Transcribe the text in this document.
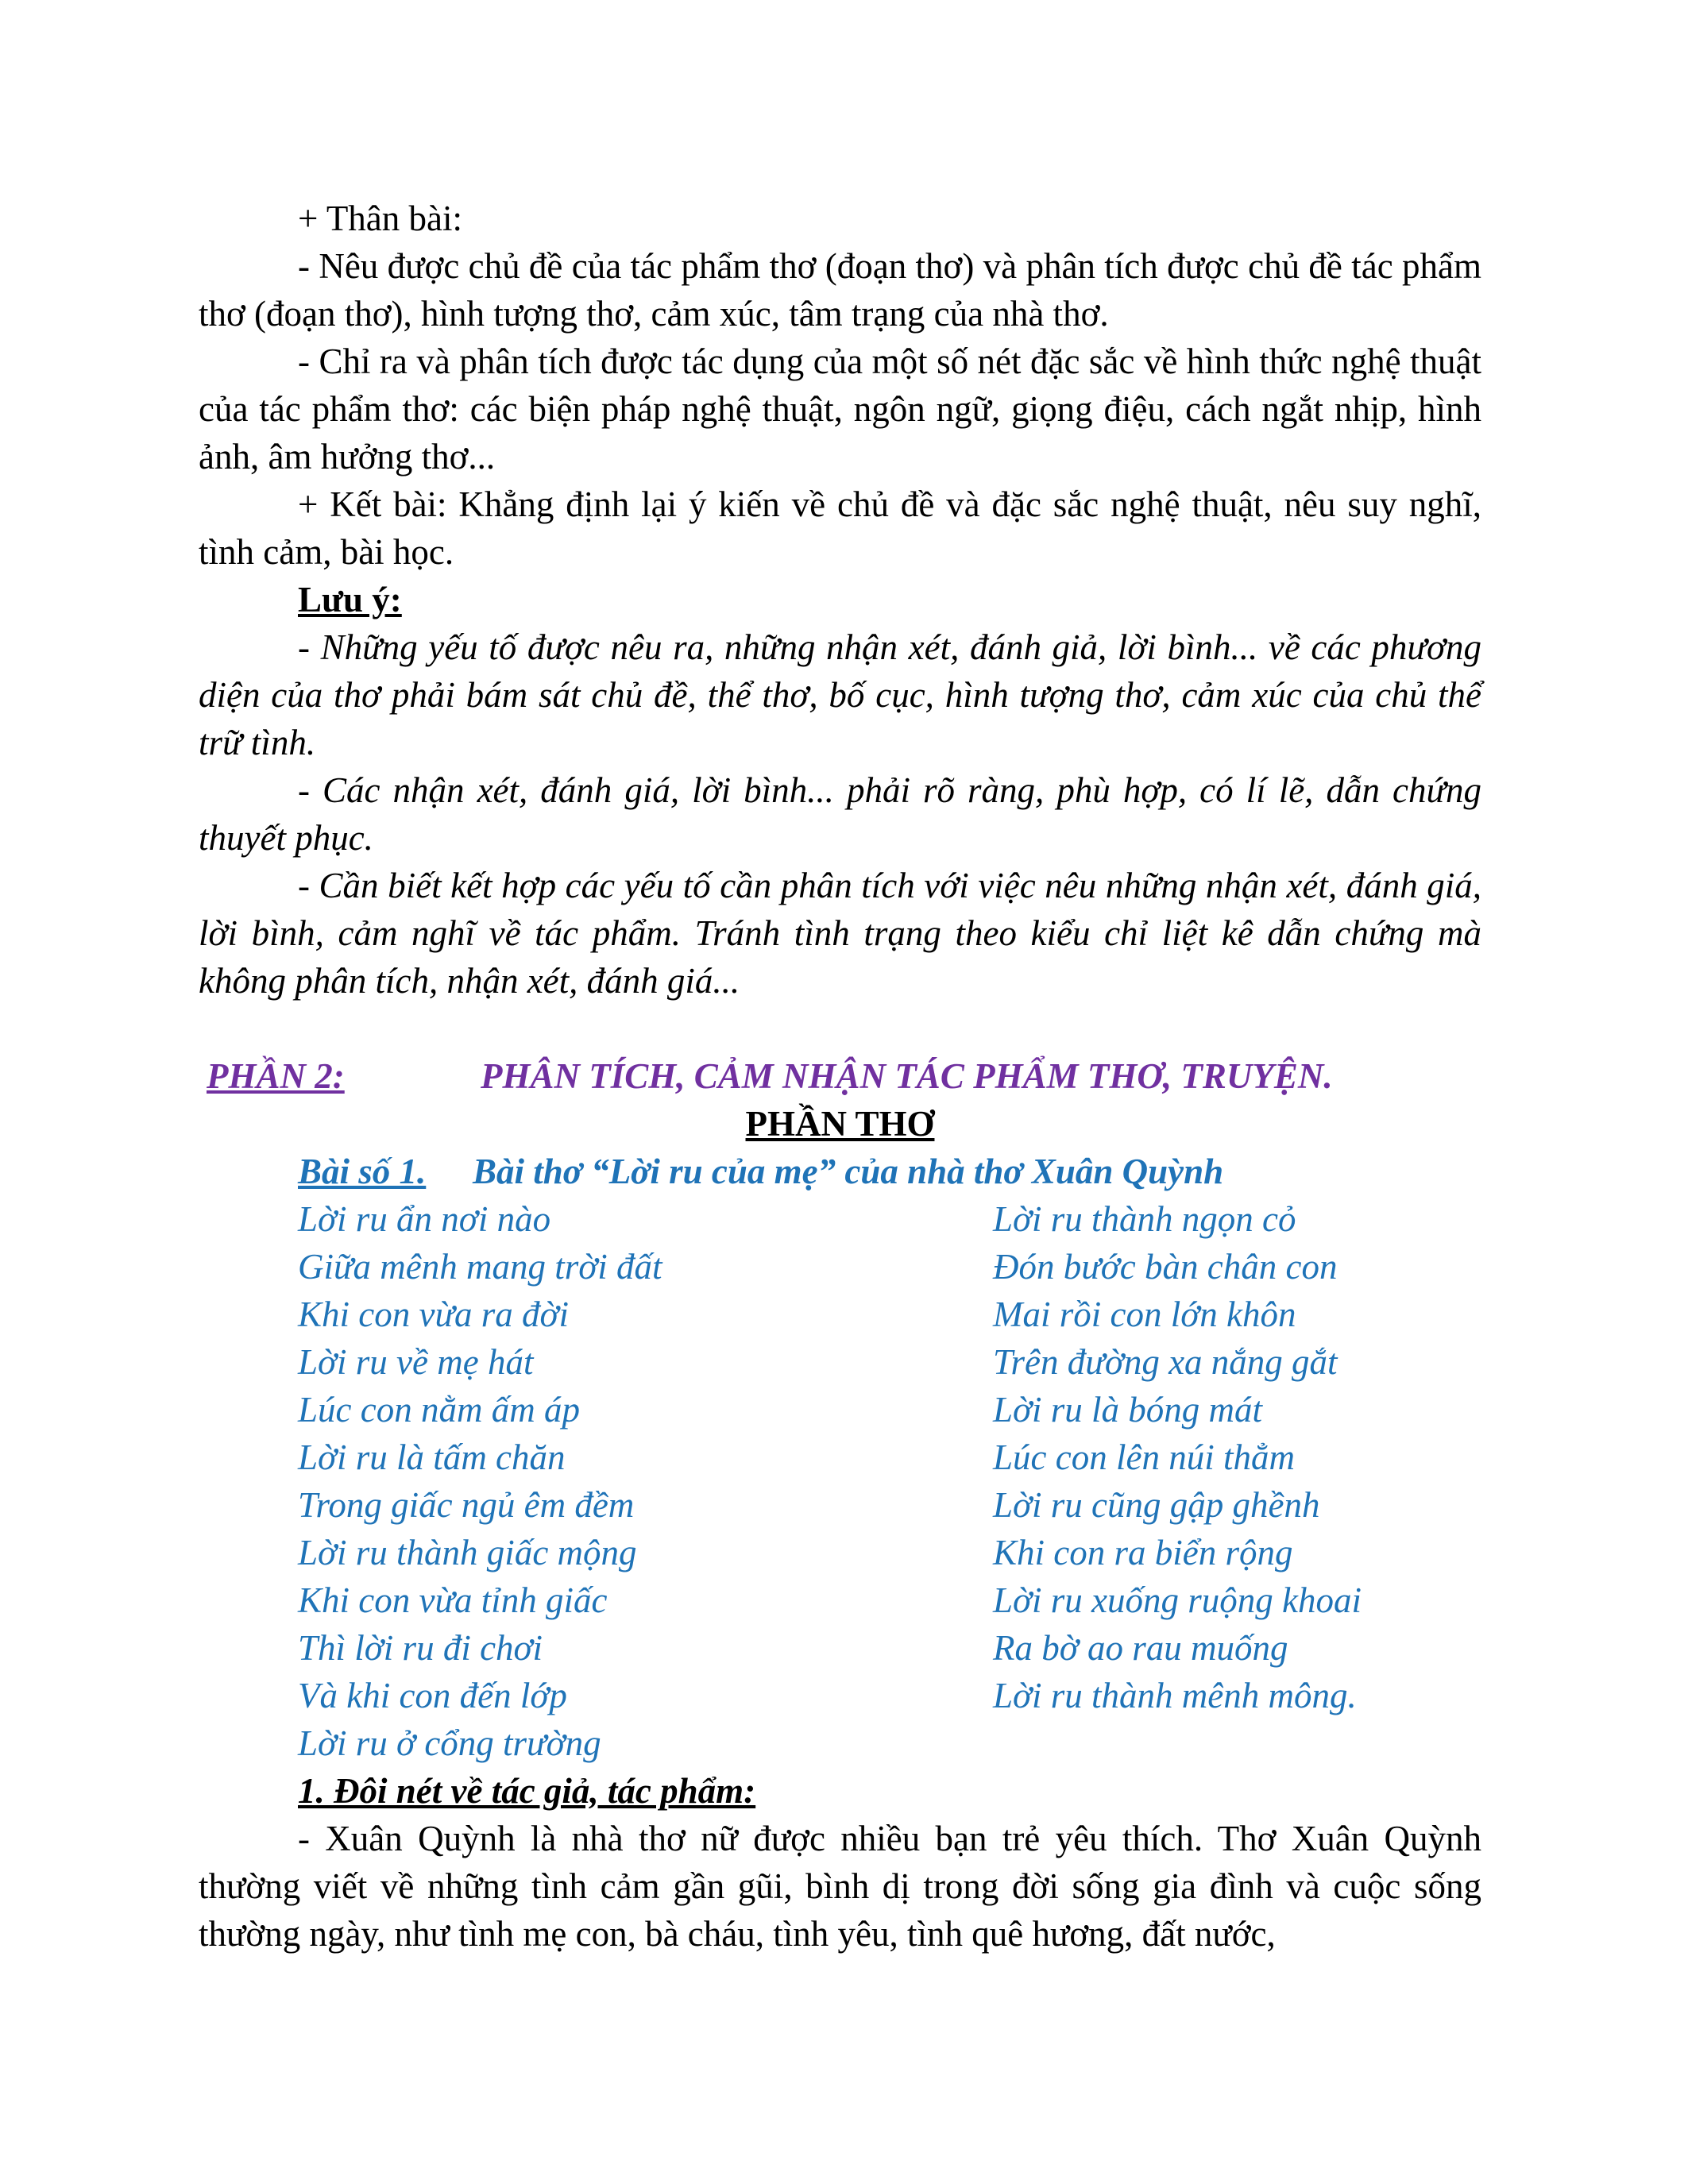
+ Thân bài:

- Nêu được chủ đề của tác phẩm thơ (đoạn thơ) và phân tích được chủ đề tác phẩm thơ (đoạn thơ), hình tượng thơ, cảm xúc, tâm trạng của nhà thơ.

- Chỉ ra và phân tích được tác dụng của một số nét đặc sắc về hình thức nghệ thuật của tác phẩm thơ: các biện pháp nghệ thuật, ngôn ngữ, giọng điệu, cách ngắt nhịp, hình ảnh, âm hưởng thơ...

+ Kết bài: Khẳng định lại ý kiến về chủ đề và đặc sắc nghệ thuật, nêu suy nghĩ, tình cảm, bài học.

Lưu ý:

- Những yếu tố được nêu ra, những nhận xét, đánh giả, lời bình... về các phương diện của thơ phải bám sát chủ đề, thể thơ, bố cục, hình tượng thơ, cảm xúc của chủ thể trữ tình.

- Các nhận xét, đánh giá, lời bình... phải rõ ràng, phù hợp, có lí lẽ, dẫn chứng thuyết phục.

- Cần biết kết hợp các yếu tố cần phân tích với việc nêu những nhận xét, đánh giá, lời bình, cảm nghĩ về tác phẩm. Tránh tình trạng theo kiểu chỉ liệt kê dẫn chứng mà không phân tích, nhận xét, đánh giá...

PHẦN 2:	PHÂN TÍCH, CẢM NHẬN TÁC PHẨM THƠ, TRUYỆN.

PHẦN THƠ

Bài số 1. Bài thơ “Lời ru của mẹ” của nhà thơ Xuân Quỳnh
Lời ru ẩn nơi nào
Giữa mênh mang trời đất
Khi con vừa ra đời
Lời ru về mẹ hát
Lúc con nằm ấm áp
Lời ru là tấm chăn
Trong giấc ngủ êm đềm
Lời ru thành giấc mộng
Khi con vừa tỉnh giấc
Thì lời ru đi chơi
Và khi con đến lớp
Lời ru ở cổng trường
Lời ru thành ngọn cỏ
Đón bước bàn chân con
Mai rồi con lớn khôn
Trên đường xa nắng gắt
Lời ru là bóng mát
Lúc con lên núi thẳm
Lời ru cũng gập ghềnh
Khi con ra biển rộng
Lời ru xuống ruộng khoai
Ra bờ ao rau muống
Lời ru thành mênh mông.

1. Đôi nét về tác giả, tác phẩm:

- Xuân Quỳnh là nhà thơ nữ được nhiều bạn trẻ yêu thích. Thơ Xuân Quỳnh thường viết về những tình cảm gần gũi, bình dị trong đời sống gia đình và cuộc sống thường ngày, như tình mẹ con, bà cháu, tình yêu, tình quê hương, đất nước,
